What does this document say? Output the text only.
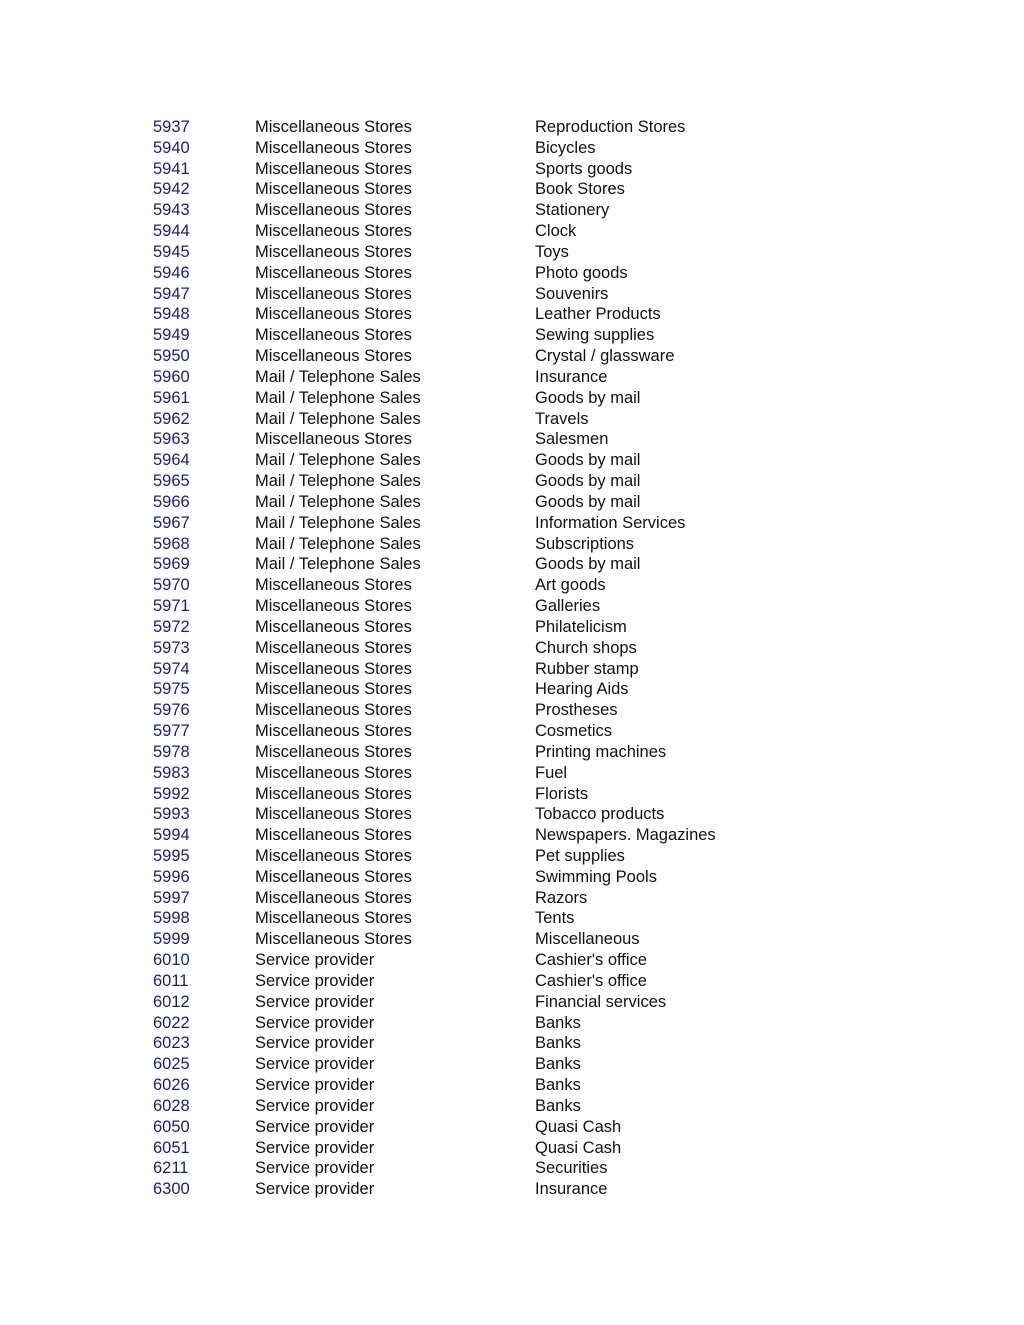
5937	Miscellaneous Stores	Reproduction Stores
5940	Miscellaneous Stores	Bicycles
5941	Miscellaneous Stores	Sports goods
5942	Miscellaneous Stores	Book Stores
5943	Miscellaneous Stores	Stationery
5944	Miscellaneous Stores	Clock
5945	Miscellaneous Stores	Toys
5946	Miscellaneous Stores	Photo goods
5947	Miscellaneous Stores	Souvenirs
5948	Miscellaneous Stores	Leather Products
5949	Miscellaneous Stores	Sewing supplies
5950	Miscellaneous Stores	Crystal / glassware
5960	Mail / Telephone Sales	Insurance
5961	Mail / Telephone Sales	Goods by mail
5962	Mail / Telephone Sales	Travels
5963	Miscellaneous Stores	Salesmen
5964	Mail / Telephone Sales	Goods by mail
5965	Mail / Telephone Sales	Goods by mail
5966	Mail / Telephone Sales	Goods by mail
5967	Mail / Telephone Sales	Information Services
5968	Mail / Telephone Sales	Subscriptions
5969	Mail / Telephone Sales	Goods by mail
5970	Miscellaneous Stores	Art goods
5971	Miscellaneous Stores	Galleries
5972	Miscellaneous Stores	Philatelicism
5973	Miscellaneous Stores	Church shops
5974	Miscellaneous Stores	Rubber stamp
5975	Miscellaneous Stores	Hearing Aids
5976	Miscellaneous Stores	Prostheses
5977	Miscellaneous Stores	Cosmetics
5978	Miscellaneous Stores	Printing machines
5983	Miscellaneous Stores	Fuel
5992	Miscellaneous Stores	Florists
5993	Miscellaneous Stores	Tobacco products
5994	Miscellaneous Stores	Newspapers. Magazines
5995	Miscellaneous Stores	Pet supplies
5996	Miscellaneous Stores	Swimming Pools
5997	Miscellaneous Stores	Razors
5998	Miscellaneous Stores	Tents
5999	Miscellaneous Stores	Miscellaneous
6010	Service provider	Cashier's office
6011	Service provider	Cashier's office
6012	Service provider	Financial services
6022	Service provider	Banks
6023	Service provider	Banks
6025	Service provider	Banks
6026	Service provider	Banks
6028	Service provider	Banks
6050	Service provider	Quasi Cash
6051	Service provider	Quasi Cash
6211	Service provider	Securities
6300	Service provider	Insurance
